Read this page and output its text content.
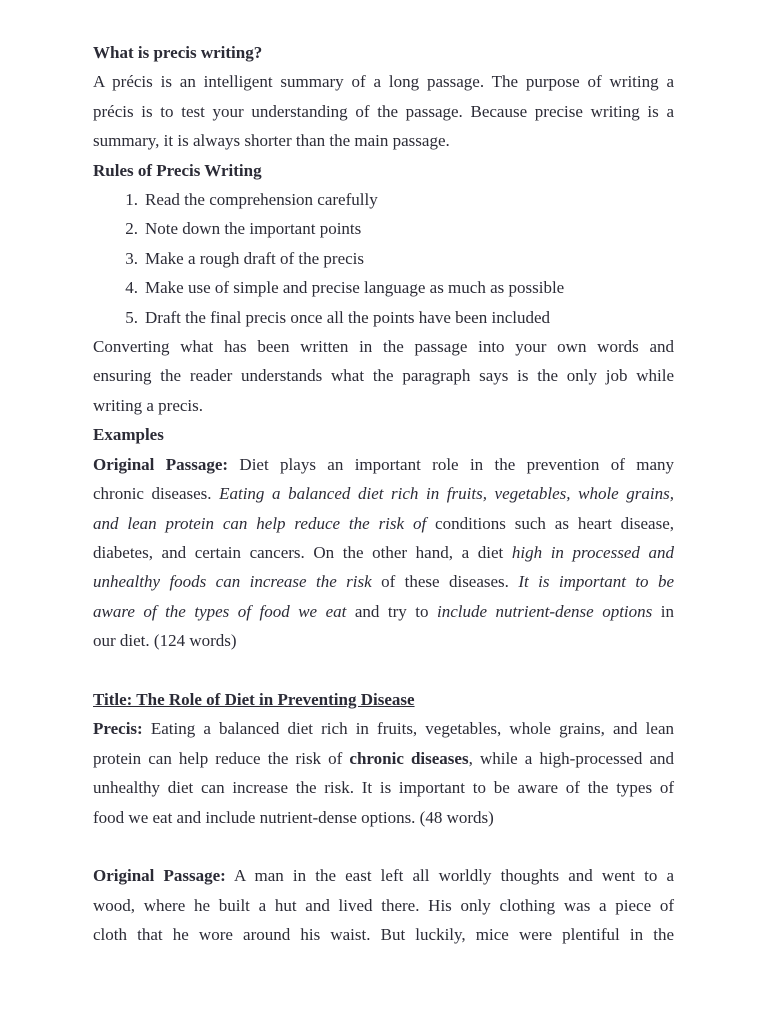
What is precis writing?
A précis is an intelligent summary of a long passage. The purpose of writing a
précis is to test your understanding of the passage. Because precise writing is a
summary, it is always shorter than the main passage.
Rules of Precis Writing
1. Read the comprehension carefully
2. Note down the important points
3. Make a rough draft of the precis
4. Make use of simple and precise language as much as possible
5. Draft the final precis once all the points have been included
Converting what has been written in the passage into your own words and
ensuring the reader understands what the paragraph says is the only job while
writing a precis.
Examples
Original Passage: Diet plays an important role in the prevention of many
chronic diseases. Eating a balanced diet rich in fruits, vegetables, whole grains,
and lean protein can help reduce the risk of conditions such as heart disease,
diabetes, and certain cancers. On the other hand, a diet high in processed and
unhealthy foods can increase the risk of these diseases. It is important to be
aware of the types of food we eat and try to include nutrient-dense options in
our diet. (124 words)
Title: The Role of Diet in Preventing Disease
Precis: Eating a balanced diet rich in fruits, vegetables, whole grains, and lean
protein can help reduce the risk of chronic diseases, while a high-processed and
unhealthy diet can increase the risk. It is important to be aware of the types of
food we eat and include nutrient-dense options. (48 words)
Original Passage: A man in the east left all worldly thoughts and went to a
wood, where he built a hut and lived there. His only clothing was a piece of
cloth that he wore around his waist. But luckily, mice were plentiful in the
